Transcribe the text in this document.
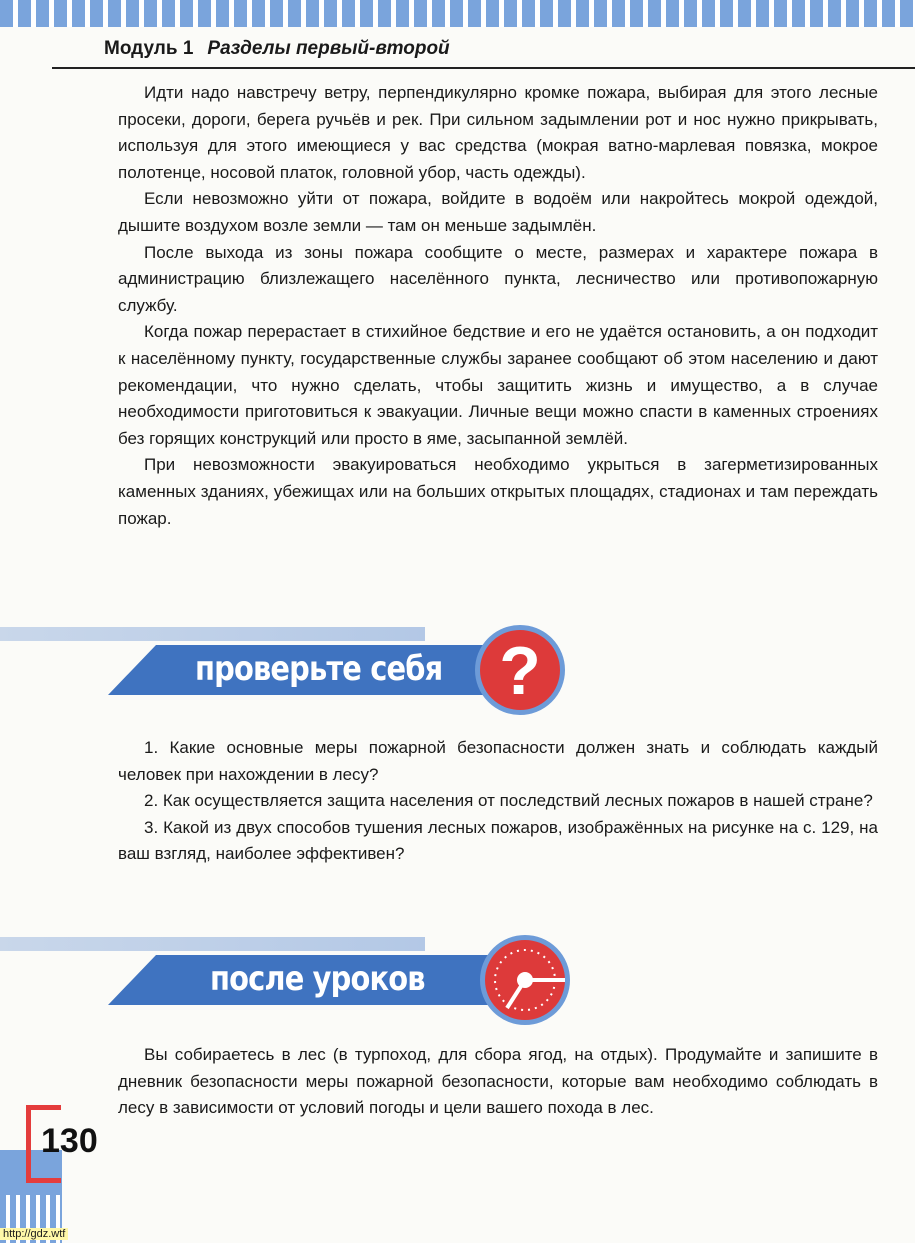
Модуль 1 Разделы первый-второй

Идти надо навстречу ветру, перпендикулярно кромке пожара, выбирая для этого лесные просеки, дороги, берега ручьёв и рек. При сильном задымлении рот и нос нужно прикрывать, используя для этого имеющиеся у вас средства (мокрая ватно-марлевая повязка, мокрое полотенце, носовой платок, головной убор, часть одежды).

Если невозможно уйти от пожара, войдите в водоём или накройтесь мокрой одеждой, дышите воздухом возле земли — там он меньше задымлён.

После выхода из зоны пожара сообщите о месте, размерах и характере пожара в администрацию близлежащего населённого пункта, лесничество или противопожарную службу.

Когда пожар перерастает в стихийное бедствие и его не удаётся остановить, а он подходит к населённому пункту, государственные службы заранее сообщают об этом населению и дают рекомендации, что нужно сделать, чтобы защитить жизнь и имущество, а в случае необходимости приготовиться к эвакуации. Личные вещи можно спасти в каменных строениях без горящих конструкций или просто в яме, засыпанной землёй.

При невозможности эвакуироваться необходимо укрыться в загерметизированных каменных зданиях, убежищах или на больших открытых площадях, стадионах и там переждать пожар.

проверьте себя ?

1. Какие основные меры пожарной безопасности должен знать и соблюдать каждый человек при нахождении в лесу?

2. Как осуществляется защита населения от последствий лесных пожаров в нашей стране?

3. Какой из двух способов тушения лесных пожаров, изображённых на рисунке на с. 129, на ваш взгляд, наиболее эффективен?

после уроков

Вы собираетесь в лес (в турпоход, для сбора ягод, на отдых). Продумайте и запишите в дневник безопасности меры пожарной безопасности, которые вам необходимо соблюдать в лесу в зависимости от условий погоды и цели вашего похода в лес.

130
http://gdz.wtf
